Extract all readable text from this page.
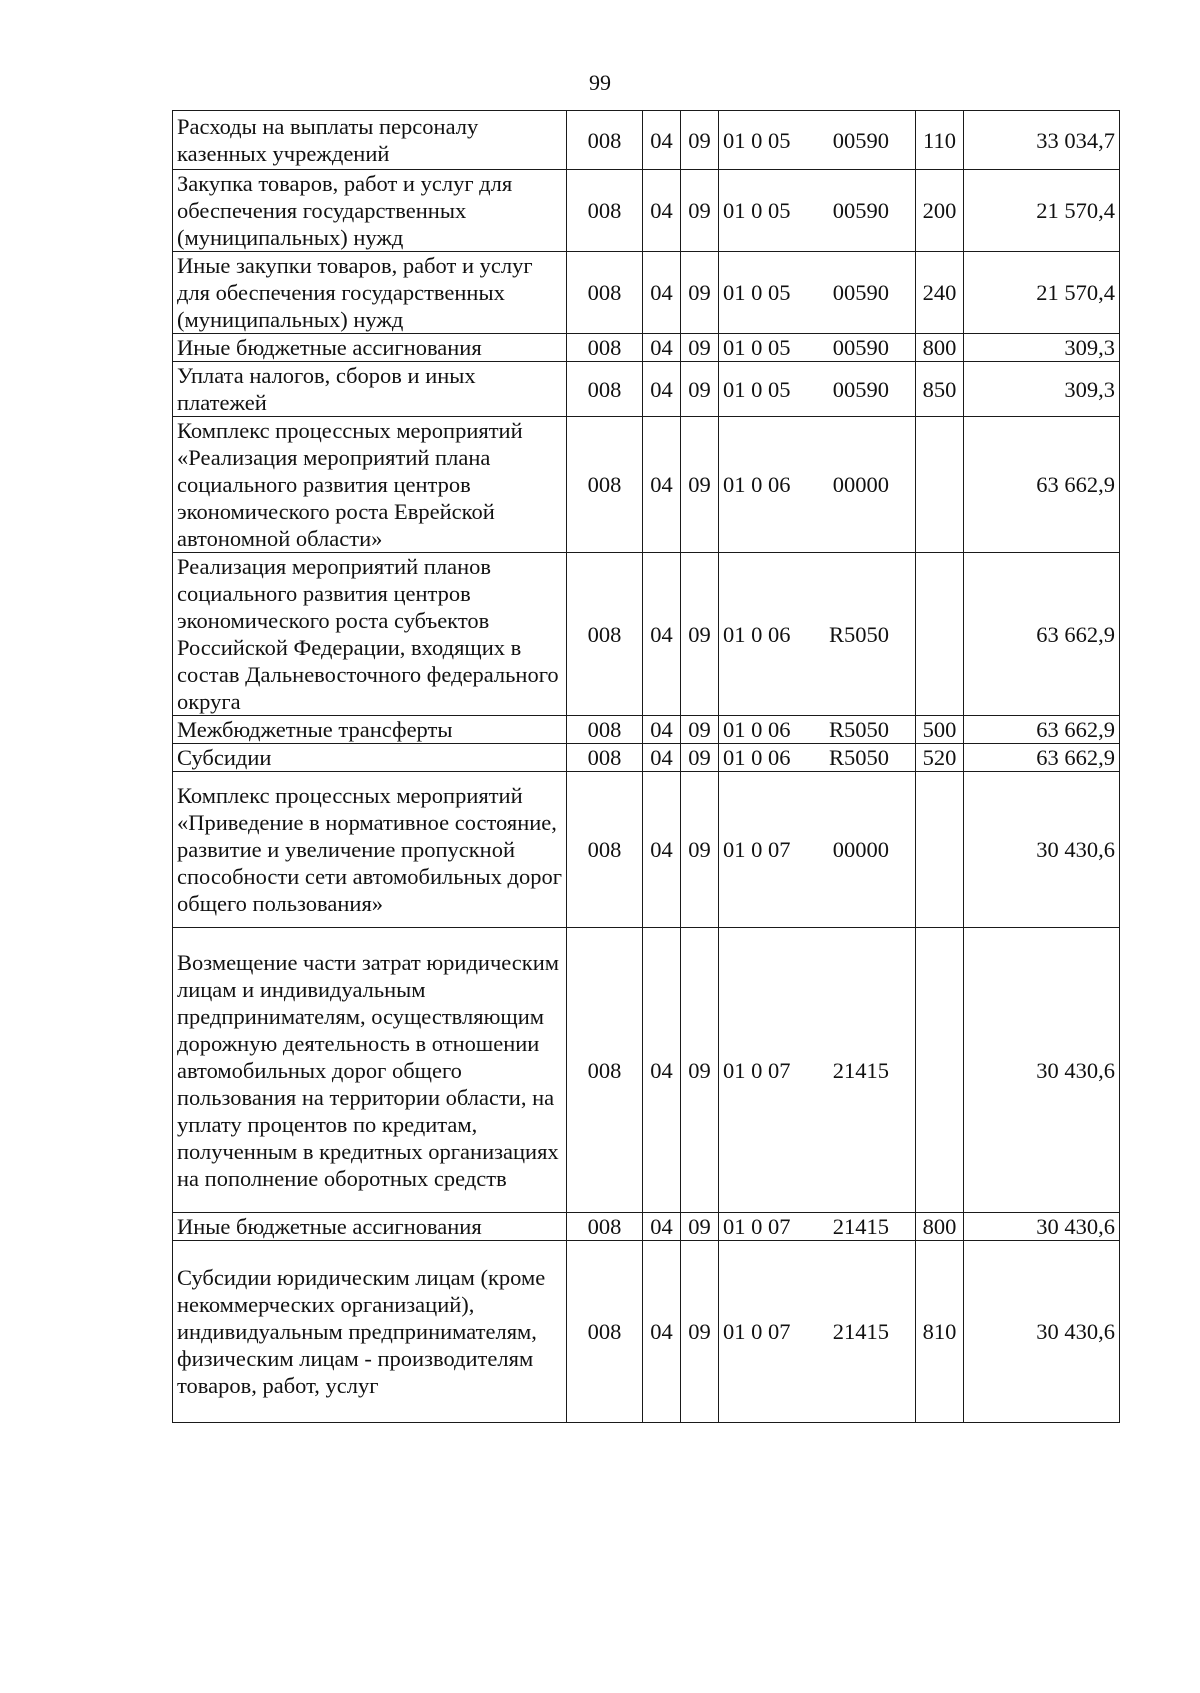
99
Расходы на выплаты персоналу казенных учреждений	008	04	09	01 0 05 00590	110	33 034,7
Закупка товаров, работ и услуг для обеспечения государственных (муниципальных) нужд	008	04	09	01 0 05 00590	200	21 570,4
Иные закупки товаров, работ и услуг для обеспечения государственных (муниципальных) нужд	008	04	09	01 0 05 00590	240	21 570,4
Иные бюджетные ассигнования	008	04	09	01 0 05 00590	800	309,3
Уплата налогов, сборов и иных платежей	008	04	09	01 0 05 00590	850	309,3
Комплекс процессных мероприятий «Реализация мероприятий плана социального развития центров экономического роста Еврейской автономной области»	008	04	09	01 0 06 00000		63 662,9
Реализация мероприятий планов социального развития центров экономического роста субъектов Российской Федерации, входящих в состав Дальневосточного федерального округа	008	04	09	01 0 06 R5050		63 662,9
Межбюджетные трансферты	008	04	09	01 0 06 R5050	500	63 662,9
Субсидии	008	04	09	01 0 06 R5050	520	63 662,9
Комплекс процессных мероприятий «Приведение в нормативное состояние, развитие и увеличение пропускной способности сети автомобильных дорог общего пользования»	008	04	09	01 0 07 00000		30 430,6
Возмещение части затрат юридическим лицам и индивидуальным предпринимателям, осуществляющим дорожную деятельность в отношении автомобильных дорог общего пользования на территории области, на уплату процентов по кредитам, полученным в кредитных организациях на пополнение оборотных средств	008	04	09	01 0 07 21415		30 430,6
Иные бюджетные ассигнования	008	04	09	01 0 07 21415	800	30 430,6
Субсидии юридическим лицам (кроме некоммерческих организаций), индивидуальным предпринимателям, физическим лицам - производителям товаров, работ, услуг	008	04	09	01 0 07 21415	810	30 430,6
